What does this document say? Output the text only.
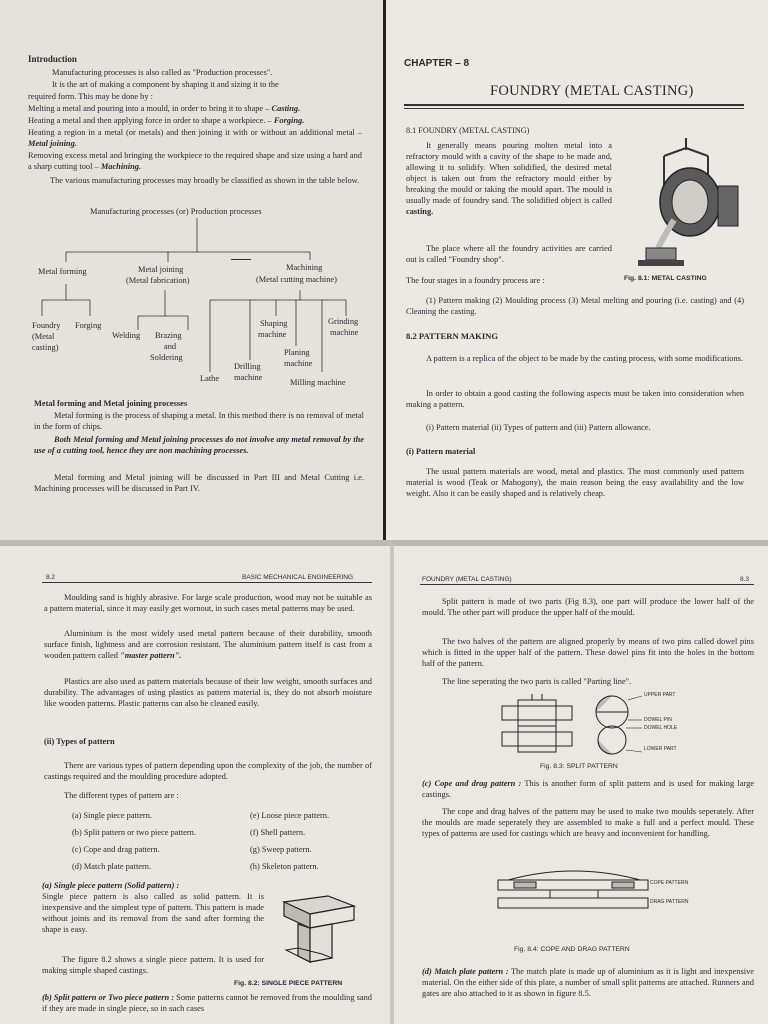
Introduction
Manufacturing processes is also called as "Production processes".
It is the art of making a component by shaping it and sizing it to the
required form. This may be done by :
Melting a metal and pouring into a mould, in order to bring it to shape – Casting.
Heating a metal and then applying force in order to shape a workpiece. – Forging.
Heating a region in a metal (or metals) and then joining it with or without an additional metal – Metal joining.
Removing excess metal and bringing the workpiece to the required shape and size using a hard and a sharp cutting tool – Machining.
The various manufacturing processes may broadly be classified as shown in the table below.
Manufacturing processes (or) Production processes
Metal forming	Metal joining
(Metal fabrication)
Machining
(Metal cutting machine)
Foundry
(Metal
casting)
Forging
Welding Brazing
and
Soldering
Shaping
machine
Grinding
machine
Planing
machine
Drilling
machine
Lathe	Milling machine
Metal forming and Metal joining processes
Metal forming is the process of shaping a metal. In this method there is no removal of metal in the form of chips.
Both Metal forming and Metal joining processes do not involve any metal removal by the use of a cutting tool, hence they are non machining processes.
Metal forming and Metal joining will be discussed in Part III and Metal Cutting i.e. Machining processes will be discussed in Part IV.
CHAPTER – 8
FOUNDRY (METAL CASTING)
8.1 FOUNDRY (METAL CASTING)
It generally means pouring molten metal into a refractory mould with a cavity of the shape to be made and, allowing it to solidify. When solidified, the desired metal object is taken out from the refractory mould either by breaking the mould or taking the mould apart. The mould is usually made of foundry sand. The solidified object is called casting.
The place where all the foundry activities are carried out is called "Foundry shop".
The four stages in a foundry process are :	Fig. 8.1: METAL CASTING
(1) Pattern making (2) Moulding process (3) Metal melting and pouring (i.e. casting) and (4) Cleaning the casting.
8.2 PATTERN MAKING
A pattern is a replica of the object to be made by the casting process, with some modifications.
In order to obtain a good casting the following aspects must be taken into consideration when making a pattern.
(i) Pattern material (ii) Types of pattern and (iii) Pattern allowance.
(i) Pattern material
The usual pattern materials are wood, metal and plastics. The most commonly used pattern material is wood (Teak or Mahogony), the main reason being the easy availability and the low weight. Also it can be easily shaped and is relatively cheap.
8.2	BASIC MECHANICAL ENGINEERING
Moulding sand is highly abrasive. For large scale production, wood may not be suitable as a pattern material, since it may easily get wornout, in such cases metal patterns may be used.
Aluminium is the most widely used metal pattern because of their durability, smooth surface finish, lightness and are corrosion resistant. The aluminium pattern itself is cast from a wooden pattern called "master pattern".
Plastics are also used as pattern materials because of their low weight, smooth surfaces and durability. The advantages of using plastics as pattern material is, they do not absorb moisture like wooden patterns. Plastic patterns can also be cleaned easily.
(ii) Types of pattern
There are various types of pattern depending upon the complexity of the job, the number of castings required and the moulding procedure adopted.
The different types of pattern are :
(a) Single piece pattern.
(b) Split pattern or two piece pattern.
(c) Cope and drag pattern.
(d) Match plate pattern.
(e) Loose piece pattern.
(f) Shell pattern.
(g) Sweep pattern.
(h) Skeleton pattern.
(a) Single piece pattern (Solid pattern) :
Single piece pattern is also called as solid pattern. It is inexpensive and the simplest type of pattern. This pattern is made without joints and its removal from the sand after forming the shape is easy.
The figure 8.2 shows a single piece pattern. It is used for making simple shaped castings.
Fig. 8.2: SINGLE PIECE PATTERN
(b) Split pattern or Two piece pattern : Some patterns cannot be removed from the moulding sand if they are made in single piece, so in such cases
FOUNDRY (METAL CASTING)	8.3
Split pattern is made of two parts (Fig 8.3), one part will produce the lower half of the mould. The other part will produce the upper half of the mould.
The two halves of the pattern are aligned properly by means of two pins called dowel pins which is fitted in the upper half of the pattern. These dowel pins fit into the holes in the bottom half of the pattern.
The line seperating the two parts is called "Parting line".
UPPER PART
DOWEL PIN
DOWEL HOLE
LOWER PART
Fig. 8.3: SPLIT PATTERN
(c) Cope and drag pattern : This is another form of split pattern and is used for making large castings.
The cope and drag halves of the pattern may be used to make two moulds seperately. After the moulds are made seperately they are assembled to make a full and a perfect mould. These types of patterns are used for castings which are heavy and inconvenient for handling.
COPE PATTERN
DRAG PATTERN
Fig. 8.4: COPE AND DRAG PATTERN
(d) Match plate pattern : The match plate is made up of aluminium as it is light and inexpensive material. On the either side of this plate, a number of small split patterns are attached. Runners and gates are also attached to it as shown in figure 8.5.
